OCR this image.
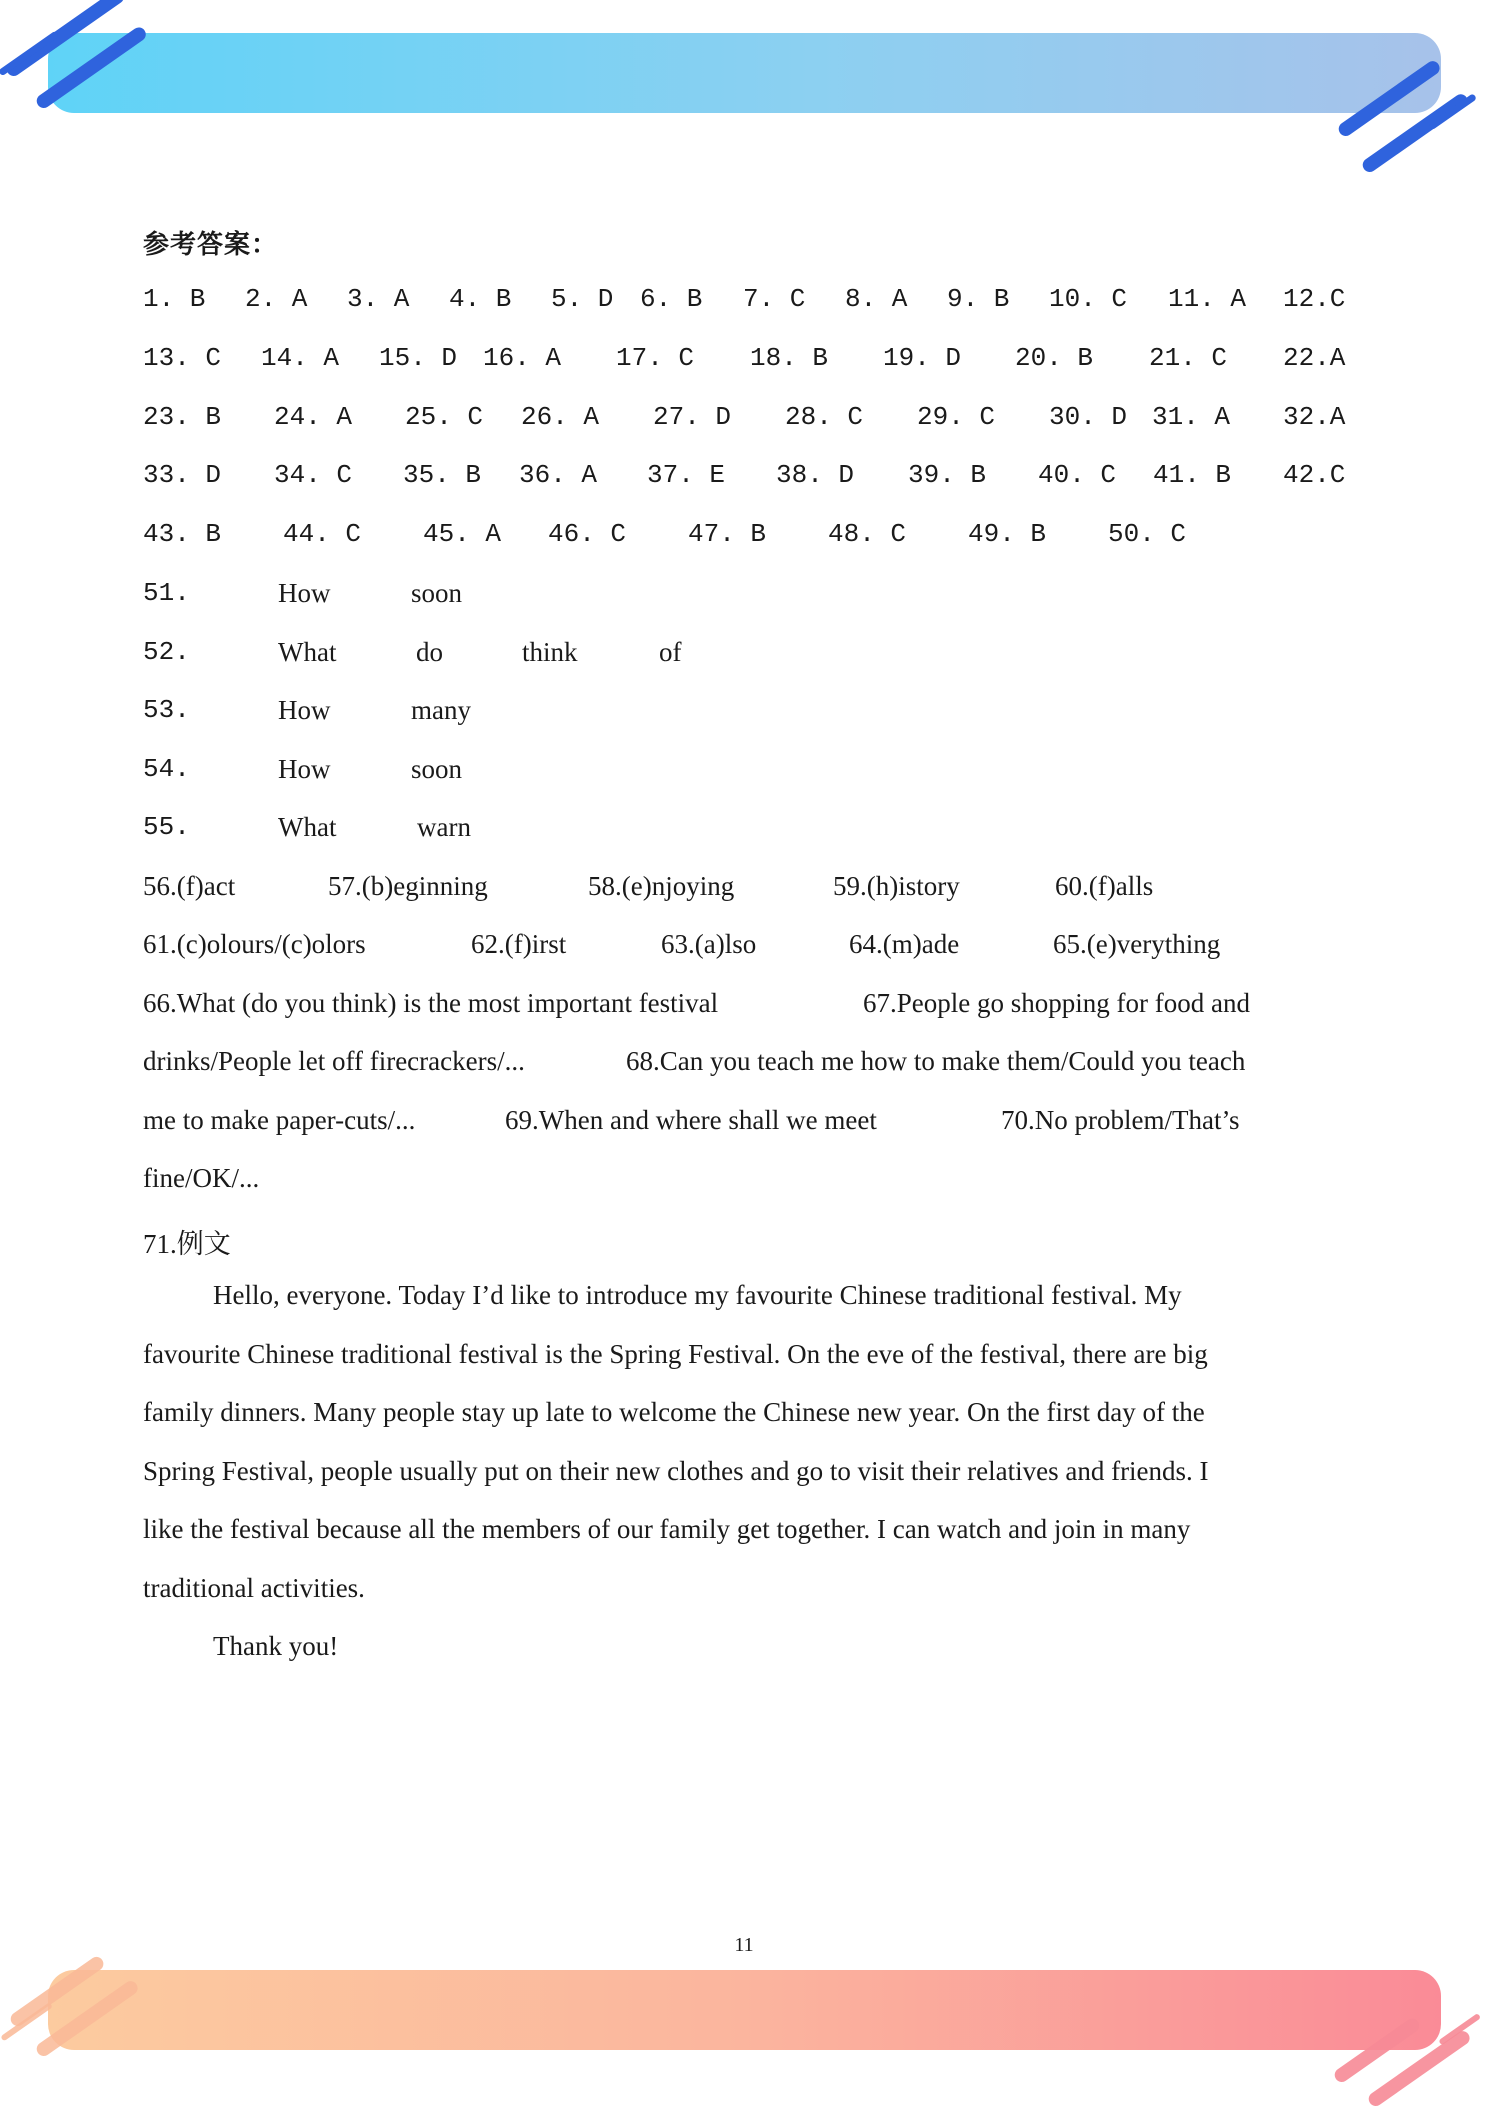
参考答案：
1. B 2. A 3. A 4. B 5. D 6. B 7. C 8. A 9. B 10. C 11. A 12.C
13. C 14. A 15. D 16. A 17. C 18. B 19. D 20. B 21. C 22.A
23. B 24. A 25. C 26. A 27. D 28. C 29. C 30. D 31. A 32.A
33. D 34. C 35. B 36. A 37. E 38. D 39. B 40. C 41. B 42.C
43. B 44. C 45. A 46. C 47. B 48. C 49. B 50. C
51.	How	soon
52.	What	do	think	of
53.	How	many
54.	How	soon
55.	What	warn
56.(f)act	57.(b)eginning	58.(e)njoying	59.(h)istory	60.(f)alls
61.(c)olours/(c)olors	62.(f)irst	63.(a)lso	64.(m)ade	65.(e)verything
66.What (do you think) is the most important festival	67.People go shopping for food and
drinks/People let off firecrackers/...	68.Can you teach me how to make them/Could you teach
me to make paper-cuts/...	69.When and where shall we meet	70.No problem/That’s
fine/OK/...
71.例文
Hello, everyone. Today I’d like to introduce my favourite Chinese traditional festival. My
favourite Chinese traditional festival is the Spring Festival. On the eve of the festival, there are big
family dinners. Many people stay up late to welcome the Chinese new year. On the first day of the
Spring Festival, people usually put on their new clothes and go to visit their relatives and friends. I
like the festival because all the members of our family get together. I can watch and join in many
traditional activities.
Thank you!
11
